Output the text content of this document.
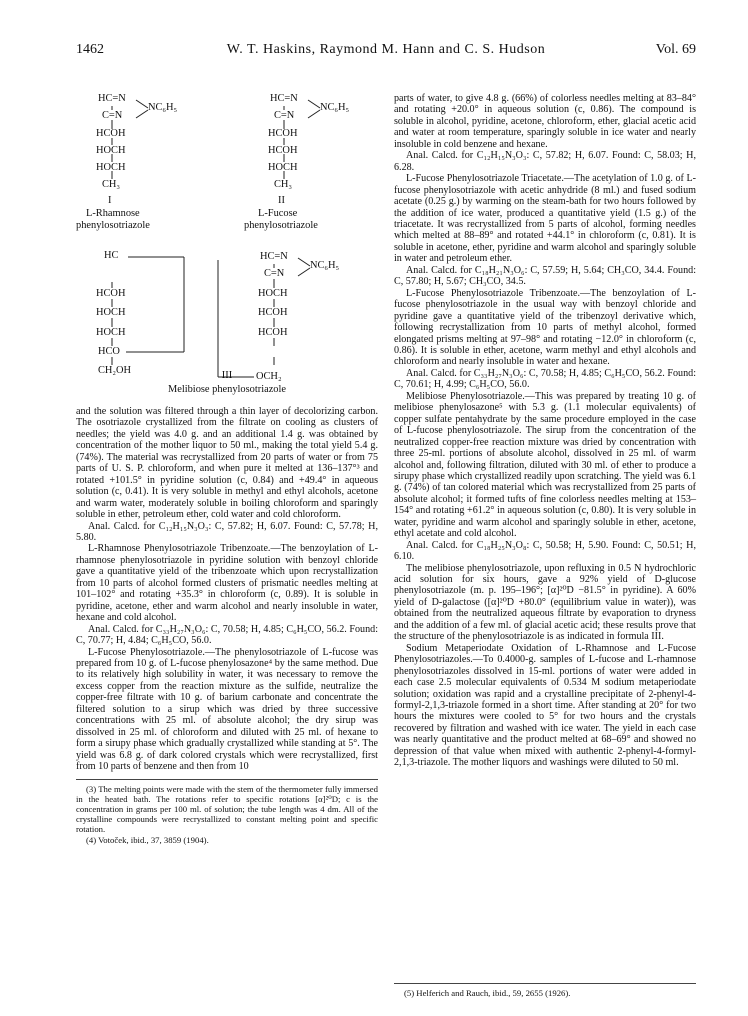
1462	W. T. Haskins, Raymond M. Hann and C. S. Hudson	Vol. 69
HC=N
NC₆H₅
C=N
HCOH
HOCH
HOCH
CH₃
I
L-Rhamnose
phenylosotriazole
HC=N
NC₆H₅
C=N
HCOH
HCOH
HOCH
CH₃
II
L-Fucose
phenylosotriazole
HC
HCOH
HOCH
HOCH
HCO
CH₂OH
HC=N
NC₆H₅
C=N
HOCH
HCOH
HCOH
OCH₂
III
Melibiose phenylosotriazole

and the solution was filtered through a thin layer of decolorizing carbon. The osotriazole crystallized from the filtrate on cooling as clusters of needles; the yield was 4.0 g. and an additional 1.4 g. was obtained by concentration of the mother liquor to 50 ml., making the total yield 5.4 g. (74%). The material was recrystallized from 20 parts of water or from 75 parts of U. S. P. chloroform, and when pure it melted at 136–137°³ and rotated +101.5° in pyridine solution (c, 0.84) and +49.4° in aqueous solution (c, 0.41). It is very soluble in methyl and ethyl alcohols, acetone and warm water, moderately soluble in boiling chloroform and sparingly soluble in ether, petroleum ether, cold water and cold chloroform.

Anal. Calcd. for C₁₂H₁₅N₃O₃: C, 57.82; H, 6.07. Found: C, 57.78; H, 5.80.

L-Rhamnose Phenylosotriazole Tribenzoate.—The benzoylation of L-rhamnose phenylosotriazole in pyridine solution with benzoyl chloride gave a quantitative yield of the tribenzoate which upon recrystallization from 10 parts of alcohol formed clusters of prismatic needles melting at 101–102° and rotating +35.3° in chloroform (c, 0.89). It is soluble in pyridine, acetone, ether and warm alcohol and nearly insoluble in water, hexane and cold alcohol.

Anal. Calcd. for C₃₃H₂₇N₃O₆: C, 70.58; H, 4.85; C₆H₅CO, 56.2. Found: C, 70.77; H, 4.84; C₆H₅CO, 56.0.

L-Fucose Phenylosotriazole.—The phenylosotriazole of L-fucose was prepared from 10 g. of L-fucose phenylosazone⁴ by the same method. Due to its relatively high solubility in water, it was necessary to remove the excess copper from the reaction mixture as the sulfide, neutralize the copper-free filtrate with 10 g. of barium carbonate and concentrate the filtered solution to a sirup which was dried by three successive concentrations with 25 ml. of absolute alcohol; the dry sirup was dissolved in 25 ml. of chloroform and diluted with 25 ml. of hexane to form a sirupy phase which gradually crystallized while standing at 5°. The yield was 6.8 g. of dark colored crystals which were recrystallized, first from 10 parts of benzene and then from 10

(3) The melting points were made with the stem of the thermometer fully immersed in the heated bath. The rotations refer to specific rotations [α]²⁰D; c is the concentration in grams per 100 ml. of solution; the tube length was 4 dm. All of the crystalline compounds were recrystallized to constant melting point and specific rotation.

(4) Votoček, ibid., 37, 3859 (1904).

parts of water, to give 4.8 g. (66%) of colorless needles melting at 83–84° and rotating +20.0° in aqueous solution (c, 0.86). The compound is soluble in alcohol, pyridine, acetone, chloroform, ether, glacial acetic acid and water at room temperature, sparingly soluble in ice water and nearly insoluble in cold benzene and hexane.

Anal. Calcd. for C₁₂H₁₅N₃O₃: C, 57.82; H, 6.07. Found: C, 58.03; H, 6.28.

L-Fucose Phenylosotriazole Triacetate.—The acetylation of 1.0 g. of L-fucose phenylosotriazole with acetic anhydride (8 ml.) and fused sodium acetate (0.25 g.) by warming on the steam-bath for two hours followed by the addition of ice water, produced a quantitative yield (1.5 g.) of the triacetate. It was recrystallized from 5 parts of alcohol, forming needles which melted at 88–89° and rotated +44.1° in chloroform (c, 0.81). It is soluble in acetone, ether, pyridine and warm alcohol and sparingly soluble in water and petroleum ether.

Anal. Calcd. for C₁₈H₂₁N₃O₆: C, 57.59; H, 5.64; CH₃CO, 34.4. Found: C, 57.80; H, 5.67; CH₃CO, 34.5.

L-Fucose Phenylosotriazole Tribenzoate.—The benzoylation of L-fucose phenylosotriazole in the usual way with benzoyl chloride and pyridine gave a quantitative yield of the tribenzoyl derivative which, following recrystallization from 10 parts of methyl alcohol, formed elongated prisms melting at 97–98° and rotating −12.0° in chloroform (c, 0.86). It is soluble in ether, acetone, warm methyl and ethyl alcohols and chloroform and nearly insoluble in water and hexane.

Anal. Calcd. for C₃₃H₂₇N₃O₆: C, 70.58; H, 4.85; C₆H₅CO, 56.2. Found: C, 70.61; H, 4.99; C₆H₅CO, 56.0.

Melibiose Phenylosotriazole.—This was prepared by treating 10 g. of melibiose phenylosazone⁵ with 5.3 g. (1.1 molecular equivalents) of copper sulfate pentahydrate by the same procedure employed in the case of L-fucose phenylosotriazole. The sirup from the concentration of the neutralized copper-free reaction mixture was dried by concentration with three 25-ml. portions of absolute alcohol, dissolved in 25 ml. of warm alcohol and, following filtration, diluted with 30 ml. of ether to produce a sirupy phase which crystallized readily upon scratching. The yield was 6.1 g. (74%) of tan colored material which was recrystallized from 25 parts of absolute alcohol; it formed tufts of fine colorless needles melting at 153–154° and rotating +61.2° in aqueous solution (c, 0.80). It is very soluble in water, pyridine and warm alcohol and sparingly soluble in ether, acetone, ethyl acetate and cold alcohol.

Anal. Calcd. for C₁₈H₂₅N₃O₈: C, 50.58; H, 5.90. Found: C, 50.51; H, 6.10.

The melibiose phenylosotriazole, upon refluxing in 0.5 N hydrochloric acid solution for six hours, gave a 92% yield of D-glucose phenylosotriazole (m. p. 195–196°; [α]²⁰D −81.5° in pyridine). A 60% yield of D-galactose ([α]²⁰D +80.0° (equilibrium value in water)), was obtained from the neutralized aqueous filtrate by evaporation to dryness and the addition of a few ml. of glacial acetic acid; these results prove that the structure of the phenylosotriazole is as indicated in formula III.

Sodium Metaperiodate Oxidation of L-Rhamnose and L-Fucose Phenylosotriazoles.—To 0.4000-g. samples of L-fucose and L-rhamnose phenylosotriazoles dissolved in 15-ml. portions of water were added in each case 2.5 molecular equivalents of 0.534 M sodium metaperiodate solution; oxidation was rapid and a crystalline precipitate of 2-phenyl-4-formyl-2,1,3-triazole formed in a short time. After standing at 20° for two hours the mixtures were cooled to 5° for two hours and the crystals recovered by filtration and washed with ice water. The yield in each case was nearly quantitative and the product melted at 68–69° and showed no depression of that value when mixed with authentic 2-phenyl-4-formyl-2,1,3-triazole. The mother liquors and washings were diluted to 50 ml.

(5) Helferich and Rauch, ibid., 59, 2655 (1926).
